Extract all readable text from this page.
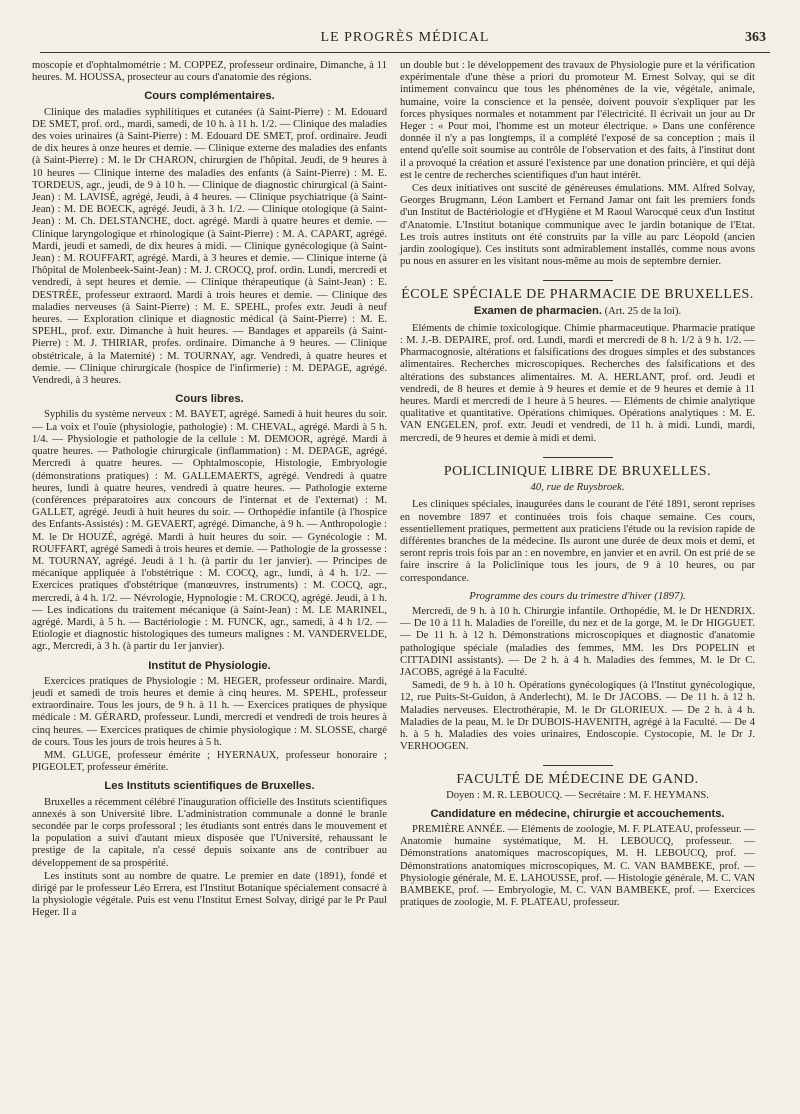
LE PROGRÈS MÉDICAL	363

moscopie et d'ophtalmométrie : M. COPPEZ, professeur ordinaire, Dimanche, à 11 heures. M. HOUSSA, prosecteur au cours d'anatomie des régions.

Cours complémentaires.

Clinique des maladies syphilitiques et cutanées (à Saint-Pierre) : M. Edouard DE SMET, prof. ord., mardi, samedi, de 10 h. à 11 h. 1/2. — Clinique des maladies des voies urinaires (à Saint-Pierre) : M. Edouard DE SMET, prof. ordinaire. Jeudi de dix heures à onze heures et demie. — Clinique externe des maladies des enfants (à Saint-Pierre) : M. le Dr CHARON, chirurgien de l'hôpital. Jeudi, de 9 heures à 10 heures — Clinique interne des maladies des enfants (à Saint-Pierre) : M. E. TORDEUS, agr., jeudi, de 9 à 10 h. — Clinique de diagnostic chirurgical (à Saint-Jean) : M. LAVISÉ, agrégé, Jeudi, à 4 heures. — Clinique psychiatrique (à Saint-Jean) : M. DE BOECK, agrégé. Jeudi, à 3 h. 1/2. — Clinique otologique (à Saint-Jean) : M. Ch. DELSTANCHE, doct. agrégé. Mardi à quatre heures et demie. — Clinique laryngologique et rhinologique (à Saint-Pierre) : M. A. CAPART, agrégé. Mardi, jeudi et samedi, de dix heures à midi. — Clinique gynécologique (à Saint-Jean) : M. ROUFFART, agrégé. Mardi, à 3 heures et demie. — Clinique interne (à l'hôpital de Molenbeek-Saint-Jean) : M. J. CROCQ, prof. ordin. Lundi, mercredi et vendredi, à sept heures et demie. — Clinique thérapeutique (à Saint-Jean) : E. DESTRÉE, professeur extraord. Mardi à trois heures et demie. — Clinique des maladies nerveuses (à Saint-Pierre) : M. E. SPEHL, profes extr. Jeudi à neuf heures. — Exploration clinique et diagnostic médical (à Saint-Pierre) : M. E. SPEHL, prof. extr. Dimanche à huit heures. — Bandages et appareils (à Saint-Pierre) : M. J. THIRIAR, profes. ordinaire. Dimanche à 9 heures. — Clinique obstétricale, à la Maternité) : M. TOURNAY, agr. Vendredi, à quatre heures et demie. — Clinique chirurgicale (hospice de l'infirmerie) : M. DEPAGE, agrégé. Vendredi, à 3 heures.

Cours libres.

Syphilis du système nerveux : M. BAYET, agrégé. Samedi à huit heures du soir. — La voix et l'ouïe (physiologie, pathologie) : M. CHEVAL, agrégé. Mardi à 5 h. 1/4. — Physiologie et pathologie de la cellule : M. DEMOOR, agrégé. Mardi à quatre heures. — Pathologie chirurgicale (inflammation) : M. DEPAGE, agrégé. Mercredi à quatre heures. — Ophtalmoscopie, Histologie, Embryologie (démonstrations pratiques) : M. GALLEMAERTS, agrégé. Vendredi à quatre heures, lundi à quatre heures, vendredi à quatre heures. — Pathologie externe (conférences préparatoires aux concours de l'internat et de l'externat) : M. GALLET, agrégé. Jeudi à huit heures du soir. — Orthopédie infantile (à l'hospice des Enfants-Assistés) : M. GEVAERT, agrégé. Dimanche, à 9 h. — Anthropologie : M. le Dr HOUZÉ, agrégé. Mardi à huit heures du soir. — Gynécologie : M. ROUFFART, agrégé Samedi à trois heures et demie. — Pathologie de la grossesse : M. TOURNAY, agrégé. Jeudi à 1 h. (à partir du 1er janvier). — Principes de mécanique appliquée à l'obstétrique : M. COCQ, agr., lundi, à 4 h. 1/2. — Exercices pratiques d'obstétrique (manœuvres, instruments) : M. COCQ, agr., mercredi, à 4 h. 1/2. — Névrologie, Hypnologie : M. CROCQ, agrégé. Jeudi, à 1 h. — Les indications du traitement mécanique (à Saint-Jean) : M. LE MARINEL, agrégé. Mardi, à 5 h. — Bactériologie : M. FUNCK, agr., samedi, à 4 h 1/2. — Etiologie et diagnostic histologiques des tumeurs malignes : M. VANDERVELDE, agr., Mercredi, à 3 h. (à partir du 1er janvier).

Institut de Physiologie.

Exercices pratiques de Physiologie : M. HEGER, professeur ordinaire. Mardi, jeudi et samedi de trois heures et demie à cinq heures. M. SPEHL, professeur extraordinaire. Tous les jours, de 9 h. à 11 h. — Exercices pratiques de physique médicale : M. GÉRARD, professeur. Lundi, mercredi et vendredi de trois heures à cinq heures. — Exercices pratiques de chimie physiologique : M. SLOSSE, chargé de cours. Tous les jours de trois heures à 5 h.

MM. GLUGE, professeur émérite ; HYERNAUX, professeur honoraire ; PIGEOLET, professeur émérite.

Les Instituts scientifiques de Bruxelles.

Bruxelles a récemment célébré l'inauguration officielle des Instituts scientifiques annexés à son Université libre. L'administration communale a donné le branle secondée par le corps professoral ; les étudiants sont entrés dans le mouvement et la population a suivi d'autant mieux disposée que l'Université, rehaussant le prestige de la capitale, n'a cessé depuis soixante ans de contribuer au développement de sa prospérité.

Les instituts sont au nombre de quatre. Le premier en date (1891), fondé et dirigé par le professeur Léo Errera, est l'Institut Botanique spécialement consacré à la physiologie végétale. Puis est venu l'Institut Ernest Solvay, dirigé par le Pr Paul Heger. Il a

un double but : le développement des travaux de Physiologie pure et la vérification expérimentale d'une thèse a priori du promoteur M. Ernest Solvay, qui se dit intimement convaincu que tous les phénomènes de la vie, végétale, animale, humaine, voire la conscience et la pensée, doivent pouvoir s'expliquer par les forces physiques normales et notamment par l'électricité. Il écrivait un jour au Dr Heger : « Pour moi, l'homme est un moteur électrique. » Dans une conférence donnée il n'y a pas longtemps, il a complété l'exposé de sa conception ; mais il entend qu'elle soit soumise au contrôle de l'observation et des faits, à l'institut dont il a provoqué la création et assuré l'existence par une donation princière, et qui déjà est le centre de recherches scientifiques d'un haut intérêt.

Ces deux initiatives ont suscité de généreuses émulations. MM. Alfred Solvay, Georges Brugmann, Léon Lambert et Fernand Jamar ont fait les premiers fonds d'un Institut de Bactériologie et d'Hygiène et M Raoul Warocqué ceux d'un Institut d'Anatomie. L'Institut botanique communique avec le jardin botanique de l'Etat. Les trois autres instituts ont été construits par la ville au parc Léopold (ancien jardin zoologique). Ces instituts sont admirablement installés, comme nous avons pu nous en assurer en les visitant nous-même au mois de septembre dernier.

ÉCOLE SPÉCIALE DE PHARMACIE DE BRUXELLES.
Examen de pharmacien. (Art. 25 de la loi).

Eléments de chimie toxicologique. Chimie pharmaceutique. Pharmacie pratique : M. J.-B. DEPAIRE, prof. ord. Lundi, mardi et mercredi de 8 h. 1/2 à 9 h. 1/2. — Pharmacognosie, altérations et falsifications des drogues simples et des substances alimentaires. Recherches microscopiques. Recherches des falsifications et des altérations des substances alimentaires. M. A. HERLANT, prof. ord. Jeudi et vendredi, de 8 heures et demie à 9 heures et demie et de 9 heures et demie à 11 heures. Mardi et mercredi de 1 heure à 5 heures. — Eléments de chimie analytique qualitative et quantitative. Opérations chimiques. Opérations analytiques : M. E. VAN ENGELEN, prof. extr. Jeudi et vendredi, de 11 h. à midi. Lundi, mardi, mercredi, de 9 heures et demie à midi et demi.

POLICLINIQUE LIBRE DE BRUXELLES.
40, rue de Ruysbroek.

Les cliniques spéciales, inaugurées dans le courant de l'été 1891, seront reprises en novembre 1897 et continuées trois fois chaque semaine. Ces cours, essentiellement pratiques, permettent aux praticiens l'étude ou la revision rapide de différentes branches de la médecine. Ils auront une durée de deux mois et demi, et seront repris trois fois par an : en novembre, en janvier et en avril. On est prié de se faire inscrire à la Policlinique tous les jours, de 9 à 10 heures, ou par correspondance.

Programme des cours du trimestre d'hiver (1897).

Mercredi, de 9 h. à 10 h. Chirurgie infantile. Orthopédie, M. le Dr HENDRIX. — De 10 à 11 h. Maladies de l'oreille, du nez et de la gorge, M. le Dr HIGGUET. — De 11 h. à 12 h. Démonstrations microscopiques et diagnostic d'anatomie pathologique spéciale (maladies des femmes, MM. les Drs POPELIN et CITTADINI assistants). — De 2 h. à 4 h. Maladies des femmes, M. le Dr C. JACOBS, agrégé à la Faculté.

Samedi, de 9 h. à 10 h. Opérations gynécologiques (à l'Institut gynécologique, 12, rue Puits-St-Guidon, à Anderlecht), M. le Dr JACOBS. — De 11 h. à 12 h. Maladies nerveuses. Electrothérapie, M. le Dr GLORIEUX. — De 2 h. à 4 h. Maladies de la peau, M. le Dr DUBOIS-HAVENITH, agrégé à la Faculté. — De 4 h. à 5 h. Maladies des voies urinaires, Endoscopie. Cystocopie, M. le Dr J. VERHOOGEN.

FACULTÉ DE MÉDECINE DE GAND.
Doyen : M. R. LEBOUCQ. — Secrétaire : M. F. HEYMANS.
Candidature en médecine, chirurgie et accouchements.

PREMIÈRE ANNÉE. — Eléments de zoologie, M. F. PLATEAU, professeur. — Anatomie humaine systématique, M. H. LEBOUCQ, professeur. — Démonstrations anatomiques macroscopiques, M. H. LEBOUCQ, prof. — Démonstrations anatomiques microscopiques, M. C. VAN BAMBEKE, prof. — Physiologie générale, M. E. LAHOUSSE, prof. — Histologie générale, M. C. VAN BAMBEKE, prof. — Embryologie, M. C. VAN BAMBEKE, prof. — Exercices pratiques de zoologie, M. F. PLATEAU, professeur.
